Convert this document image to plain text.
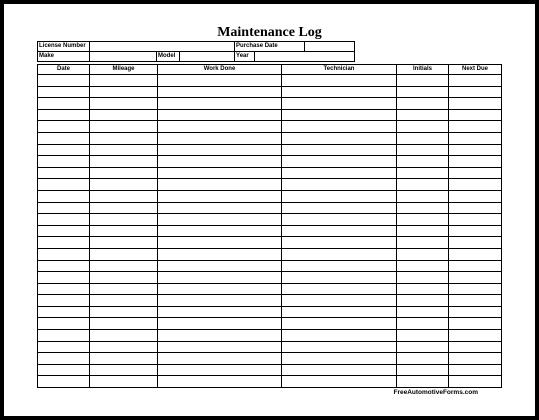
Maintenance Log
License Number				Purchase Date		
Make		Model		Year		
Date	Mileage	Work Done	Technician	Initials	Next Due

FreeAutomotiveForms.com
